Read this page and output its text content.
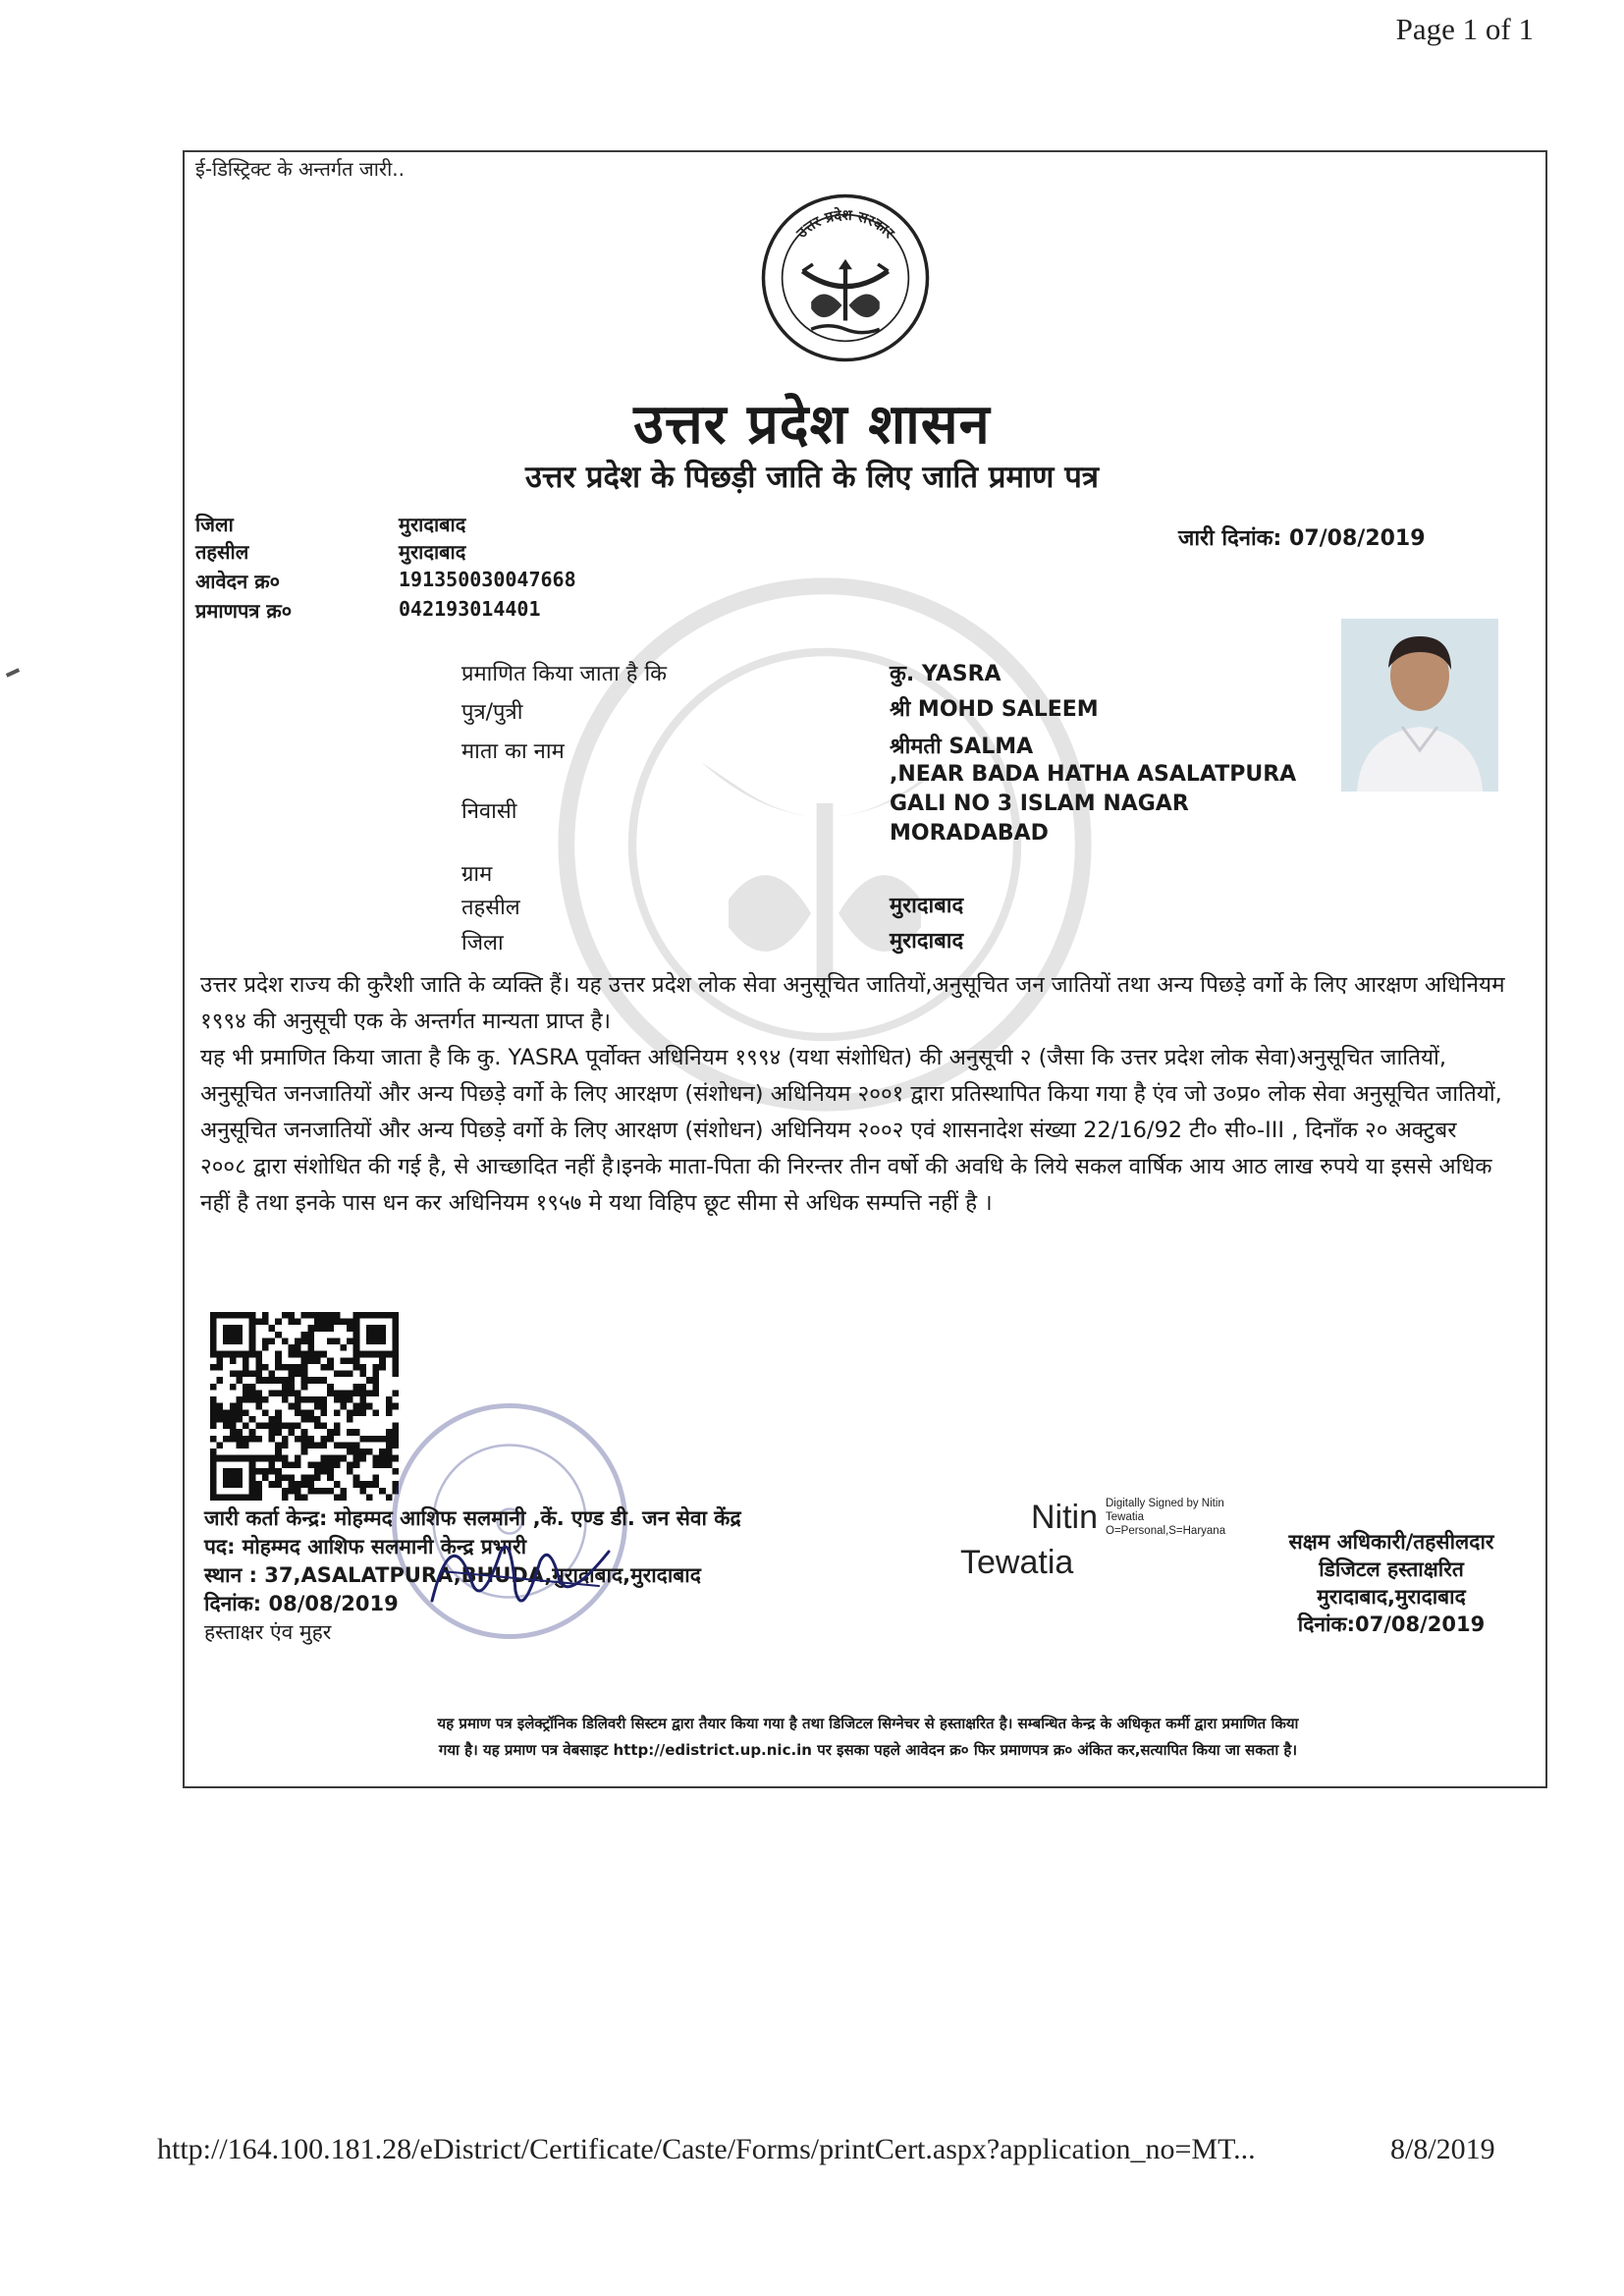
Page 1 of 1
ई-डिस्ट्रिक्ट के अन्तर्गत जारी..
उत्तर प्रदेश सरकार
उत्तर प्रदेश शासन
उत्तर प्रदेश के पिछड़ी जाति के लिए जाति प्रमाण पत्र
जिला	मुरादाबाद
तहसील	मुरादाबाद
आवेदन क्र०	191350030047668
प्रमाणपत्र क्र०	042193014401
जारी दिनांक: 07/08/2019
प्रमाणित किया जाता है कि	कु. YASRA
पुत्र/पुत्री	श्री MOHD SALEEM
माता का नाम	श्रीमती SALMA
निवासी
,NEAR BADA HATHA ASALATPURA
GALI NO 3 ISLAM NAGAR
MORADABAD
ग्राम
तहसील	मुरादाबाद
जिला	मुरादाबाद

उत्तर प्रदेश राज्य की कुरैशी जाति के व्यक्ति हैं। यह उत्तर प्रदेश लोक सेवा अनुसूचित जातियों,अनुसूचित जन जातियों तथा अन्य पिछड़े वर्गो के लिए आरक्षण अधिनियम १९९४ की अनुसूची एक के अन्तर्गत मान्यता प्राप्त है।

यह भी प्रमाणित किया जाता है कि कु. YASRA पूर्वोक्त अधिनियम १९९४ (यथा संशोधित) की अनुसूची २ (जैसा कि उत्तर प्रदेश लोक सेवा)अनुसूचित जातियों, अनुसूचित जनजातियों और अन्य पिछड़े वर्गो के लिए आरक्षण (संशोधन) अधिनियम २००१ द्वारा प्रतिस्थापित किया गया है एंव जो उ०प्र० लोक सेवा अनुसूचित जातियों, अनुसूचित जनजातियों और अन्य पिछड़े वर्गो के लिए आरक्षण (संशोधन) अधिनियम २००२ एवं शासनादेश संख्या 22/16/92 टी० सी०-III , दिनाँक २० अक्टुबर २००८ द्वारा संशोधित की गई है, से आच्छादित नहीं है।इनके माता-पिता की निरन्तर तीन वर्षो की अवधि के लिये सकल वार्षिक आय आठ लाख रुपये या इससे अधिक नहीं है तथा इनके पास धन कर अधिनियम १९५७ मे यथा विहिप छूट सीमा से अधिक सम्पत्ति नहीं है ।

जारी कर्ता केन्द्र: मोहम्मद आशिफ सलमानी ,कें. एण्ड डी. जन सेवा केंद्र
पद: मोहम्मद आशिफ सलमानी केन्द्र प्रभारी
स्थान : 37,ASALATPURA,BHUDA,मुरादाबाद,मुरादाबाद
दिनांक: 08/08/2019
हस्ताक्षर एंव मुहर
Nitin
Tewatia
Digitally Signed by Nitin
Tewatia
O=Personal,S=Haryana	सक्षम अधिकारी/तहसीलदार
डिजिटल हस्ताक्षरित
मुरादाबाद,मुरादाबाद
दिनांक:07/08/2019
यह प्रमाण पत्र इलेक्ट्रॉनिक डिलिवरी सिस्टम द्वारा तैयार किया गया है तथा डिजिटल सिग्नेचर से हस्ताक्षरित है। सम्बन्धित केन्द्र के अधिकृत कर्मी द्वारा प्रमाणित किया
गया है। यह प्रमाण पत्र वेबसाइट http://edistrict.up.nic.in पर इसका पहले आवेदन क्र० फिर प्रमाणपत्र क्र० अंकित कर,सत्यापित किया जा सकता है।
http://164.100.181.28/eDistrict/Certificate/Caste/Forms/printCert.aspx?application_no=MT...	8/8/2019
